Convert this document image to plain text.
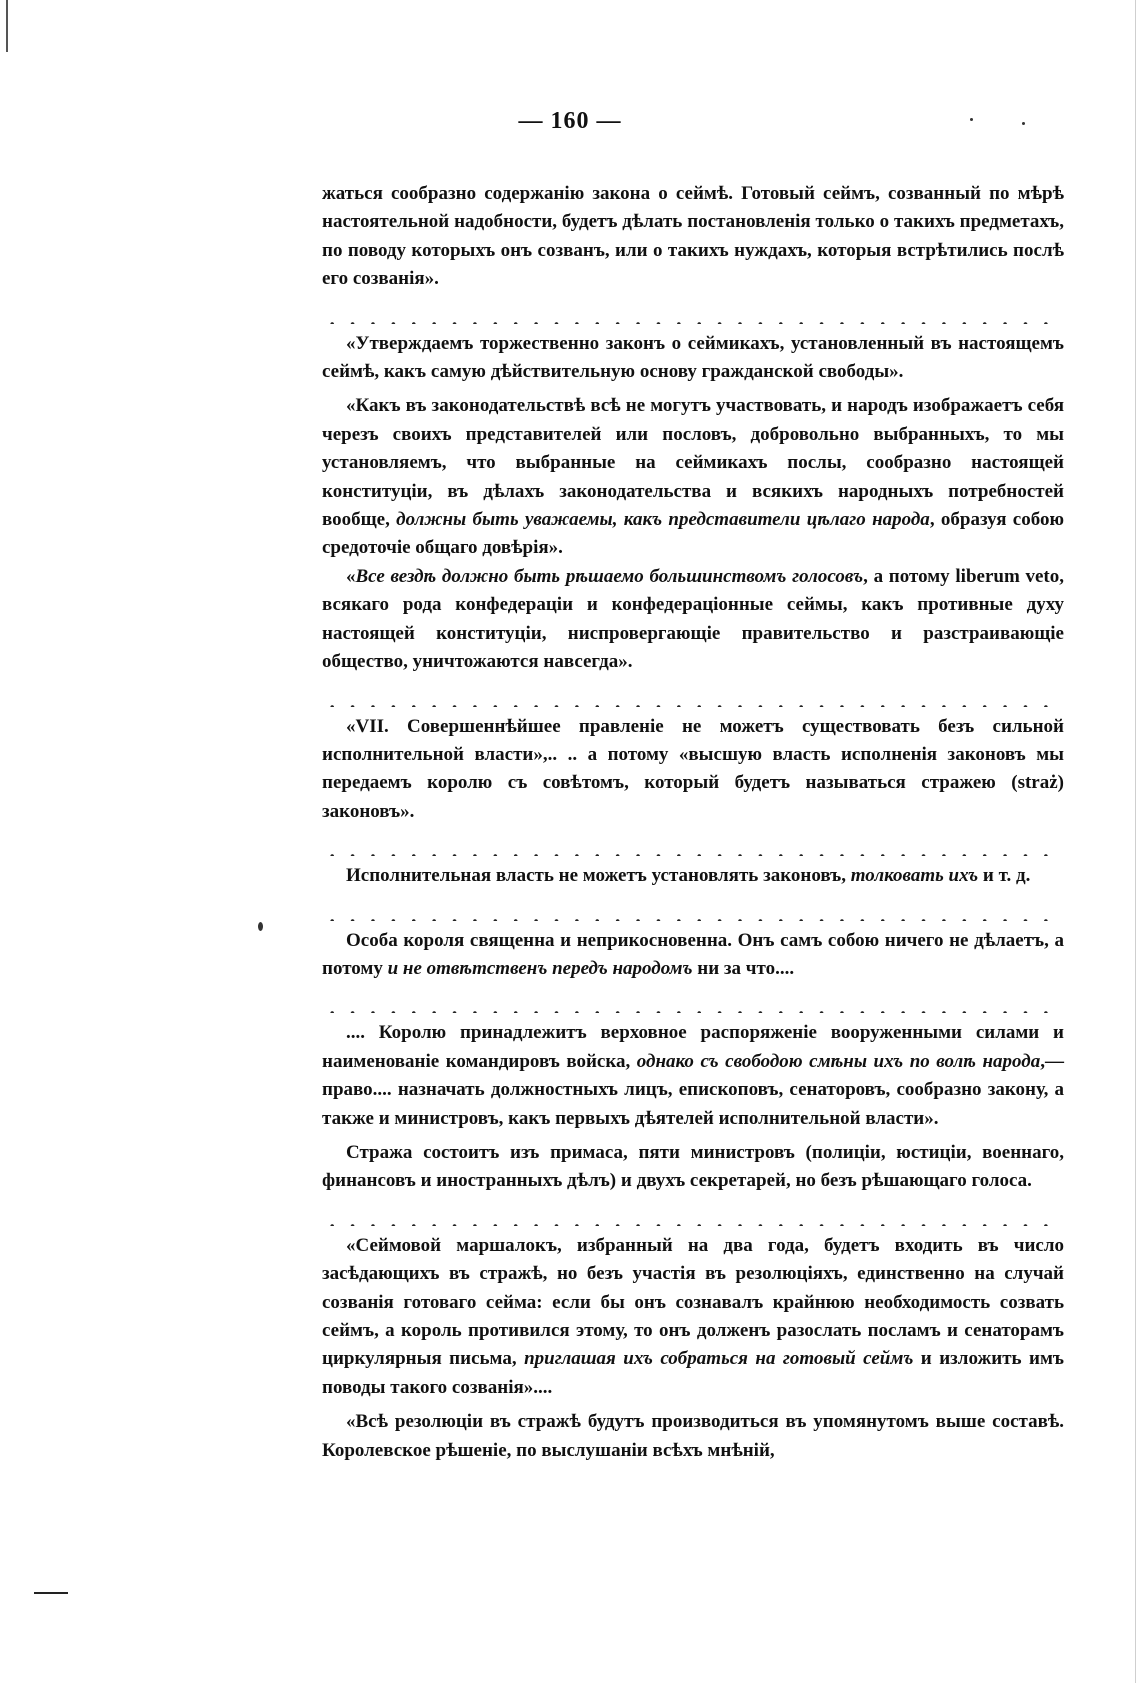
— 160 —

жаться сообразно содержанію закона о сеймѣ. Готовый сеймъ, созванный по мѣрѣ настоятельной надобности, будетъ дѣлать постановленія только о такихъ предметахъ, по поводу которыхъ онъ созванъ, или о такихъ нуждахъ, которыя встрѣтились послѣ его созванія».

«Утверждаемъ торжественно законъ о сеймикахъ, установленный въ настоящемъ сеймѣ, какъ самую дѣйствительную основу гражданской свободы».

«Какъ въ законодательствѣ всѣ не могутъ участвовать, и народъ изображаетъ себя черезъ своихъ представителей или пословъ, добровольно выбранныхъ, то мы установляемъ, что выбранные на сеймикахъ послы, сообразно настоящей конституціи, въ дѣлахъ законодательства и всякихъ народныхъ потребностей вообще, должны быть уважаемы, какъ представители цѣлаго народа, образуя собою средоточіе общаго довѣрія».

«Все вездѣ должно быть рѣшаемо большинствомъ голосовъ, а потому liberum veto, всякаго рода конфедераціи и конфедераціонные сеймы, какъ противные духу настоящей конституціи, ниспровергающіе правительство и разстраивающіе общество, уничтожаются навсегда».

«VII. Совершеннѣйшее правленіе не можетъ существовать безъ сильной исполнительной власти»,.. .. а потому «высшую власть исполненія законовъ мы передаемъ королю съ совѣтомъ, который будетъ называться стражею (straż) законовъ».

Исполнительная власть не можетъ установлять законовъ, толковать ихъ и т. д.

Особа короля священна и неприкосновенна. Онъ самъ собою ничего не дѣлаетъ, а потому и не отвѣтственъ передъ народомъ ни за что....

.... Королю принадлежитъ верховное распоряженіе вооруженными силами и наименованіе командировъ войска, однако съ свободою смѣны ихъ по волѣ народа,—право.... назначать должностныхъ лицъ, епископовъ, сенаторовъ, сообразно закону, а также и министровъ, какъ первыхъ дѣятелей исполнительной власти».

Стража состоитъ изъ примаса, пяти министровъ (полиціи, юстиціи, военнаго, финансовъ и иностранныхъ дѣлъ) и двухъ секретарей, но безъ рѣшающаго голоса.

«Сеймовой маршалокъ, избранный на два года, будетъ входить въ число засѣдающихъ въ стражѣ, но безъ участія въ резолюціяхъ, единственно на случай созванія готоваго сейма: если бы онъ сознавалъ крайнюю необходимость созвать сеймъ, а король противился этому, то онъ долженъ разослать посламъ и сенаторамъ циркулярныя письма, приглашая ихъ собраться на готовый сеймъ и изложить имъ поводы такого созванія»....

«Всѣ резолюціи въ стражѣ будутъ производиться въ упомянутомъ выше составѣ. Королевское рѣшеніе, по выслушаніи всѣхъ мнѣній,
